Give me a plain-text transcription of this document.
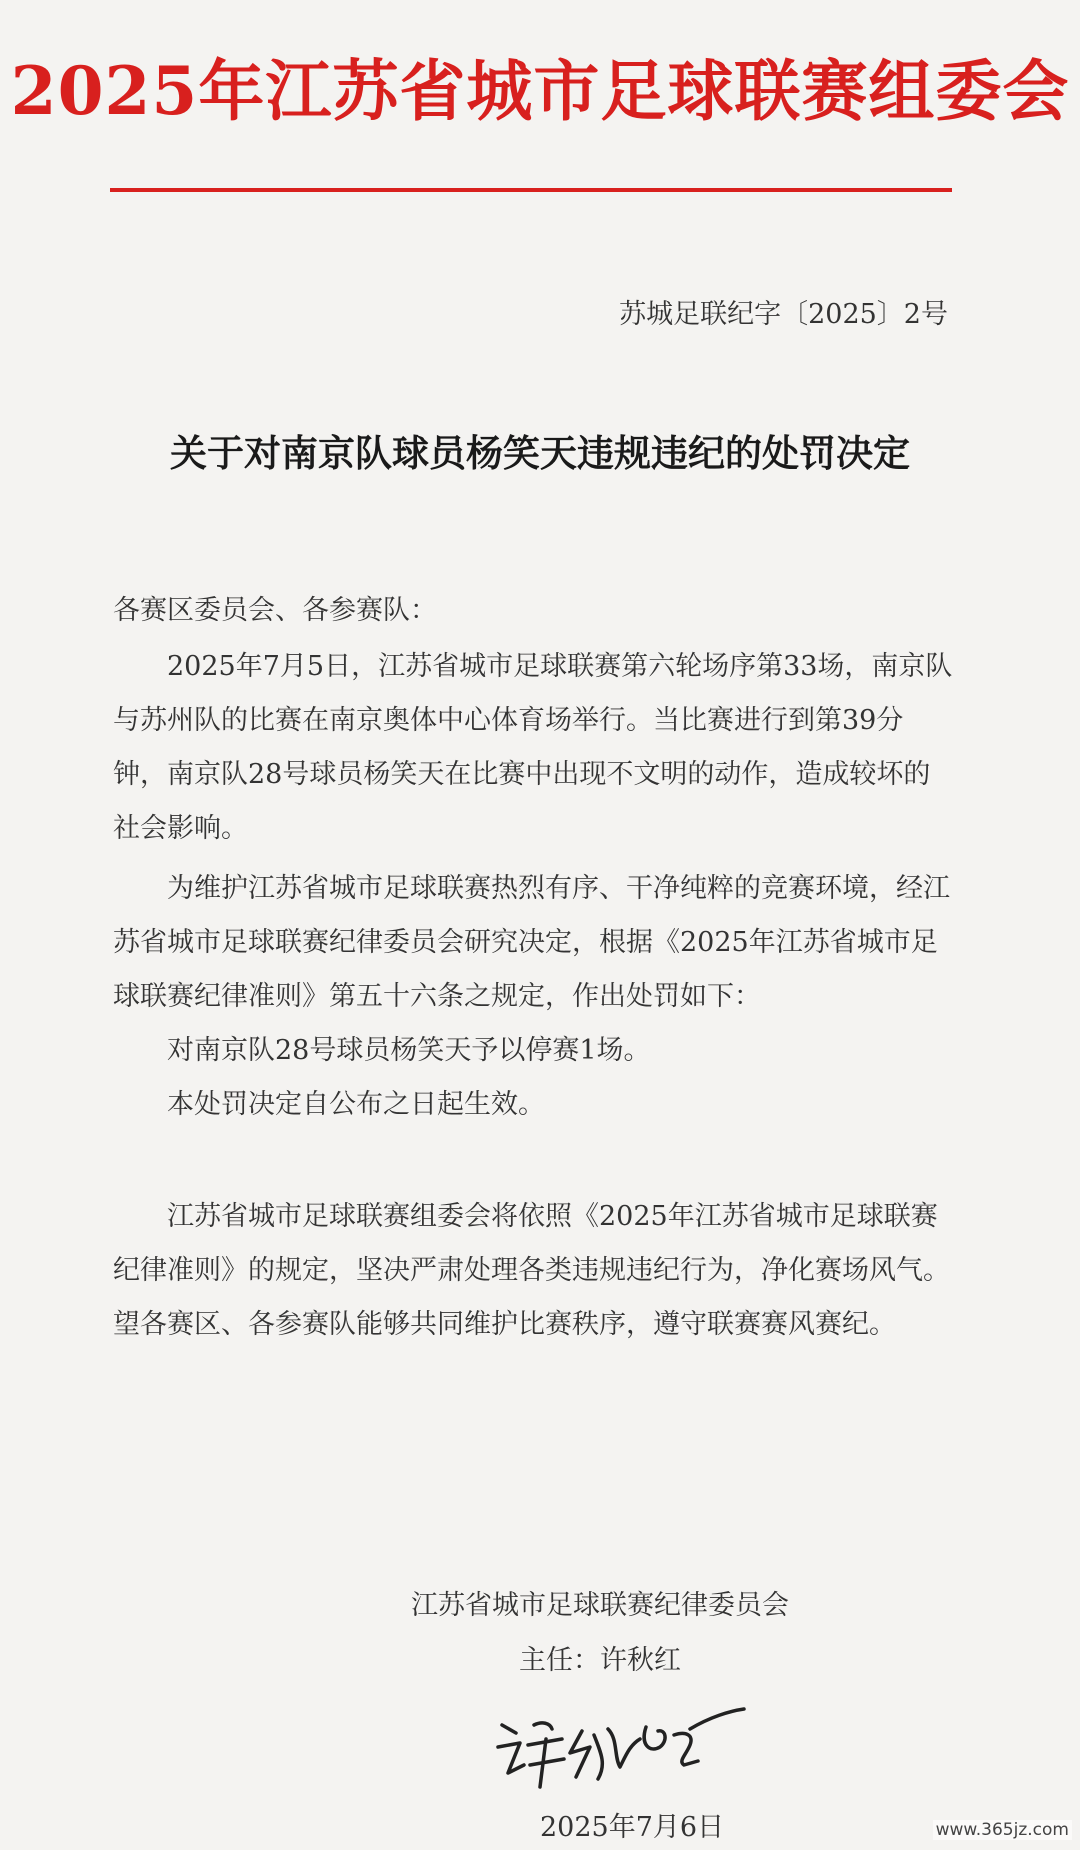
2025年江苏省城市足球联赛组委会
苏城足联纪字〔2025〕2号
关于对南京队球员杨笑天违规违纪的处罚决定

各赛区委员会、各参赛队：

2025年7月5日，江苏省城市足球联赛第六轮场序第33场，南京队与苏州队的比赛在南京奥体中心体育场举行。当比赛进行到第39分钟，南京队28号球员杨笑天在比赛中出现不文明的动作，造成较坏的社会影响。

为维护江苏省城市足球联赛热烈有序、干净纯粹的竞赛环境，经江苏省城市足球联赛纪律委员会研究决定，根据《2025年江苏省城市足球联赛纪律准则》第五十六条之规定，作出处罚如下：

对南京队28号球员杨笑天予以停赛1场。

本处罚决定自公布之日起生效。

江苏省城市足球联赛组委会将依照《2025年江苏省城市足球联赛纪律准则》的规定，坚决严肃处理各类违规违纪行为，净化赛场风气。望各赛区、各参赛队能够共同维护比赛秩序，遵守联赛赛风赛纪。

江苏省城市足球联赛纪律委员会
主任：许秋红
2025年7月6日	www.365jz.com
